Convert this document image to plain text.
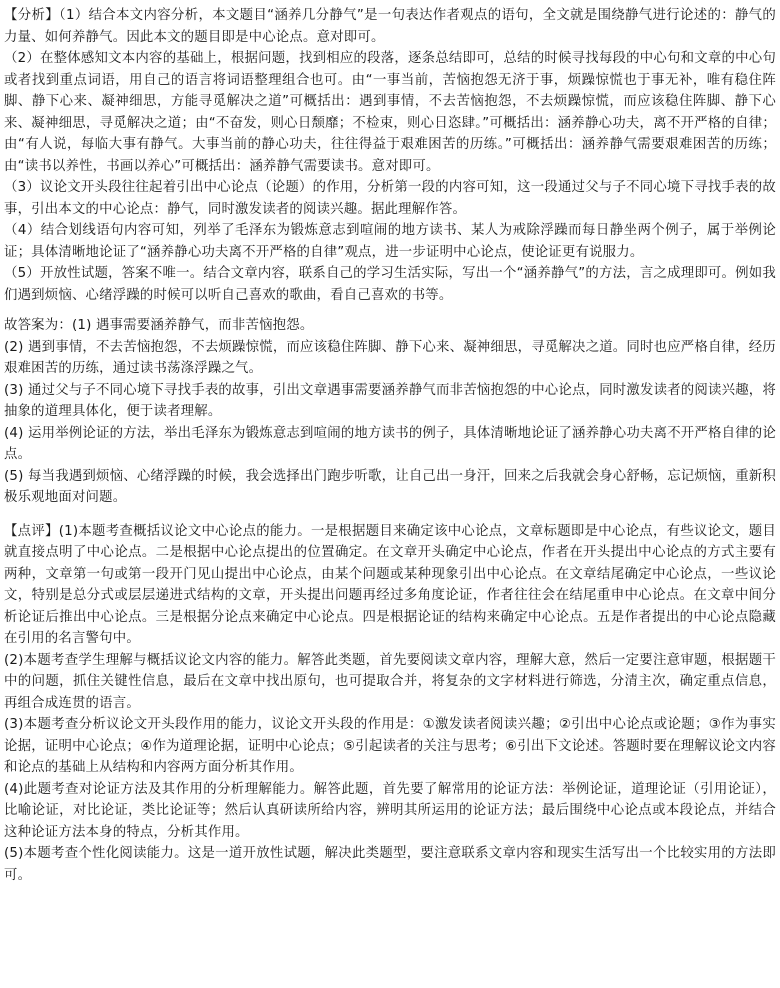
【分析】（1）结合本文内容分析，本文题目“涵养几分静气”是一句表达作者观点的语句，全文就是围绕静气进行论述的：静气的力量、如何养静气。因此本文的题目即是中心论点。意对即可。

（2）在整体感知文本内容的基础上，根据问题，找到相应的段落，逐条总结即可，总结的时候寻找每段的中心句和文章的中心句或者找到重点词语，用自己的语言将词语整理组合也可。由“一事当前，苦恼抱怨无济于事，烦躁惊慌也于事无补，唯有稳住阵脚、静下心来、凝神细思，方能寻觅解决之道”可概括出：遇到事情，不去苦恼抱怨，不去烦躁惊慌，而应该稳住阵脚、静下心来、凝神细思，寻觅解决之道；由“不奋发，则心日颓靡；不检束，则心日恣肆。”可概括出：涵养静心功夫，离不开严格的自律；由“有人说，每临大事有静气。大事当前的静心功夫，往往得益于艰难困苦的历练。”可概括出：涵养静气需要艰难困苦的历练；由“读书以养性，书画以养心”可概括出：涵养静气需要读书。意对即可。

（3）议论文开头段往往起着引出中心论点（论题）的作用，分析第一段的内容可知，这一段通过父与子不同心境下寻找手表的故事，引出本文的中心论点：静气，同时激发读者的阅读兴趣。据此理解作答。

（4）结合划线语句内容可知，列举了毛泽东为锻炼意志到喧闹的地方读书、某人为戒除浮躁而每日静坐两个例子，属于举例论证；具体清晰地论证了“涵养静心功夫离不开严格的自律”观点，进一步证明中心论点，使论证更有说服力。

（5）开放性试题，答案不唯一。结合文章内容，联系自己的学习生活实际，写出一个“涵养静气”的方法，言之成理即可。例如我们遇到烦恼、心绪浮躁的时候可以听自己喜欢的歌曲，看自己喜欢的书等。

故答案为：(1) 遇事需要涵养静气，而非苦恼抱怨。

(2) 遇到事情，不去苦恼抱怨，不去烦躁惊慌，而应该稳住阵脚、静下心来、凝神细思，寻觅解决之道。同时也应严格自律，经历艰难困苦的历练，通过读书荡涤浮躁之气。

(3) 通过父与子不同心境下寻找手表的故事，引出文章遇事需要涵养静气而非苦恼抱怨的中心论点，同时激发读者的阅读兴趣，将抽象的道理具体化，便于读者理解。

(4) 运用举例论证的方法，举出毛泽东为锻炼意志到喧闹的地方读书的例子，具体清晰地论证了涵养静心功夫离不开严格自律的论点。

(5) 每当我遇到烦恼、心绪浮躁的时候，我会选择出门跑步听歌，让自己出一身汗，回来之后我就会身心舒畅，忘记烦恼，重新积极乐观地面对问题。

【点评】(1)本题考查概括议论文中心论点的能力。一是根据题目来确定该中心论点，文章标题即是中心论点，有些议论文，题目就直接点明了中心论点。二是根据中心论点提出的位置确定。在文章开头确定中心论点，作者在开头提出中心论点的方式主要有两种，文章第一句或第一段开门见山提出中心论点，由某个问题或某种现象引出中心论点。在文章结尾确定中心论点，一些议论文，特别是总分式或层层递进式结构的文章，开头提出问题再经过多角度论证，作者往往会在结尾重申中心论点。在文章中间分析论证后推出中心论点。三是根据分论点来确定中心论点。四是根据论证的结构来确定中心论点。五是作者提出的中心论点隐藏在引用的名言警句中。

(2)本题考查学生理解与概括议论文内容的能力。解答此类题，首先要阅读文章内容，理解大意，然后一定要注意审题，根据题干中的问题，抓住关键性信息，最后在文章中找出原句，也可提取合并，将复杂的文字材料进行筛选，分清主次，确定重点信息，再组合成连贯的语言。

(3)本题考查分析议论文开头段作用的能力，议论文开头段的作用是：①激发读者阅读兴趣；②引出中心论点或论题；③作为事实论据，证明中心论点；④作为道理论据，证明中心论点；⑤引起读者的关注与思考；⑥引出下文论述。答题时要在理解议论文内容和论点的基础上从结构和内容两方面分析其作用。

(4)此题考查对论证方法及其作用的分析理解能力。解答此题，首先要了解常用的论证方法：举例论证，道理论证（引用论证），比喻论证，对比论证，类比论证等；然后认真研读所给内容，辨明其所运用的论证方法；最后围绕中心论点或本段论点，并结合这种论证方法本身的特点，分析其作用。

(5)本题考查个性化阅读能力。这是一道开放性试题，解决此类题型，要注意联系文章内容和现实生活写出一个比较实用的方法即可。
